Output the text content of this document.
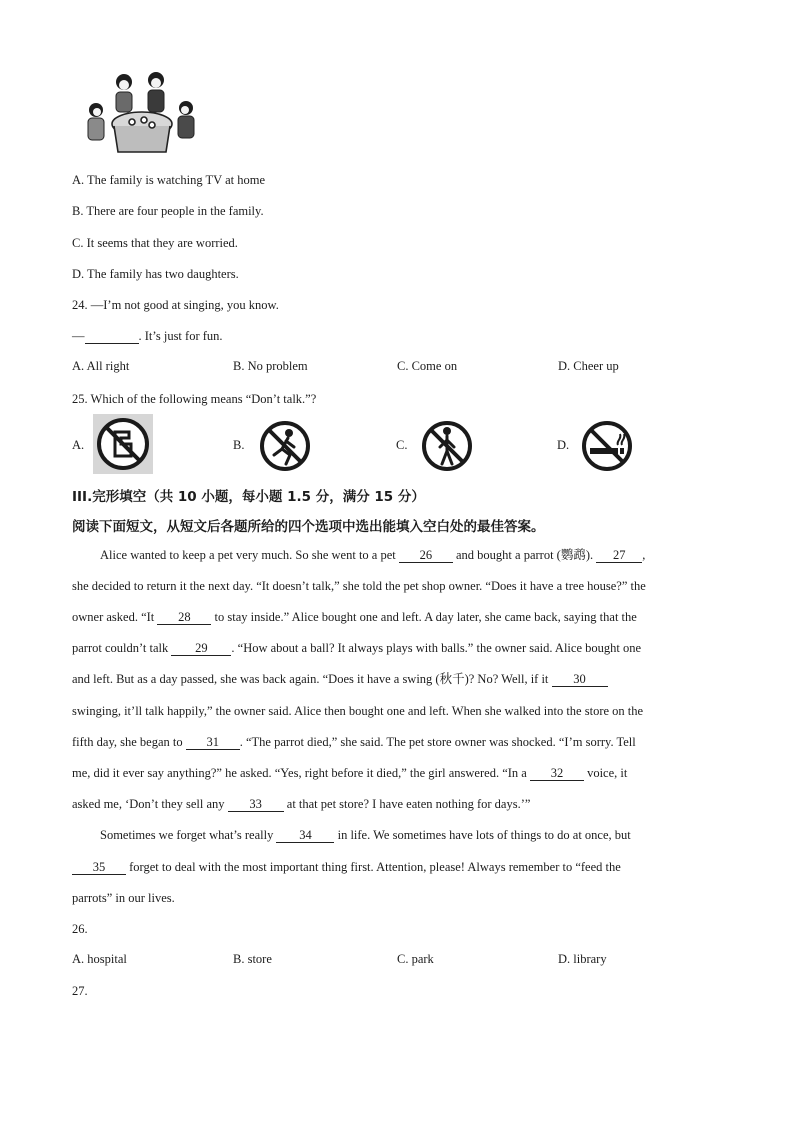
A. The family is watching TV at home
B. There are four people in the family.
C. It seems that they are worried.
D. The family has two daughters.
24. —I’m not good at singing, you know.
—	. It’s just for fun.
A. All right	B. No problem	C. Come on	D. Cheer up
25. Which of the following means “Don’t talk.”?
A.	B.	C.	D.
III.完形填空（共 10 小题，每小题 1.5 分，满分 15 分）
阅读下面短文，从短文后各题所给的四个选项中选出能填入空白处的最佳答案。
Alice wanted to keep a pet very much. So she went to a pet 26 and bought a parrot (鹦鹉). 27 ,
she decided to return it the next day. “It doesn’t talk,” she told the pet shop owner. “Does it have a tree house?” the
owner asked. “It 28 to stay inside.” Alice bought one and left. A day later, she came back, saying that the
parrot couldn’t talk 29 . “How about a ball? It always plays with balls.” the owner said. Alice bought one
and left. But as a day passed, she was back again. “Does it have a swing (秋千)? No? Well, if it 30
swinging, it’ll talk happily,” the owner said. Alice then bought one and left. When she walked into the store on the
fifth day, she began to 31 . “The parrot died,” she said. The pet store owner was shocked. “I’m sorry. Tell
me, did it ever say anything?” he asked. “Yes, right before it died,” the girl answered. “In a 32 voice, it
asked me, ‘Don’t they sell any 33 at that pet store? I have eaten nothing for days.’”
Sometimes we forget what’s really 34 in life. We sometimes have lots of things to do at once, but
35 forget to deal with the most important thing first. Attention, please! Always remember to “feed the
parrots” in our lives.
26.
A. hospital	B. store	C. park	D. library
27.
